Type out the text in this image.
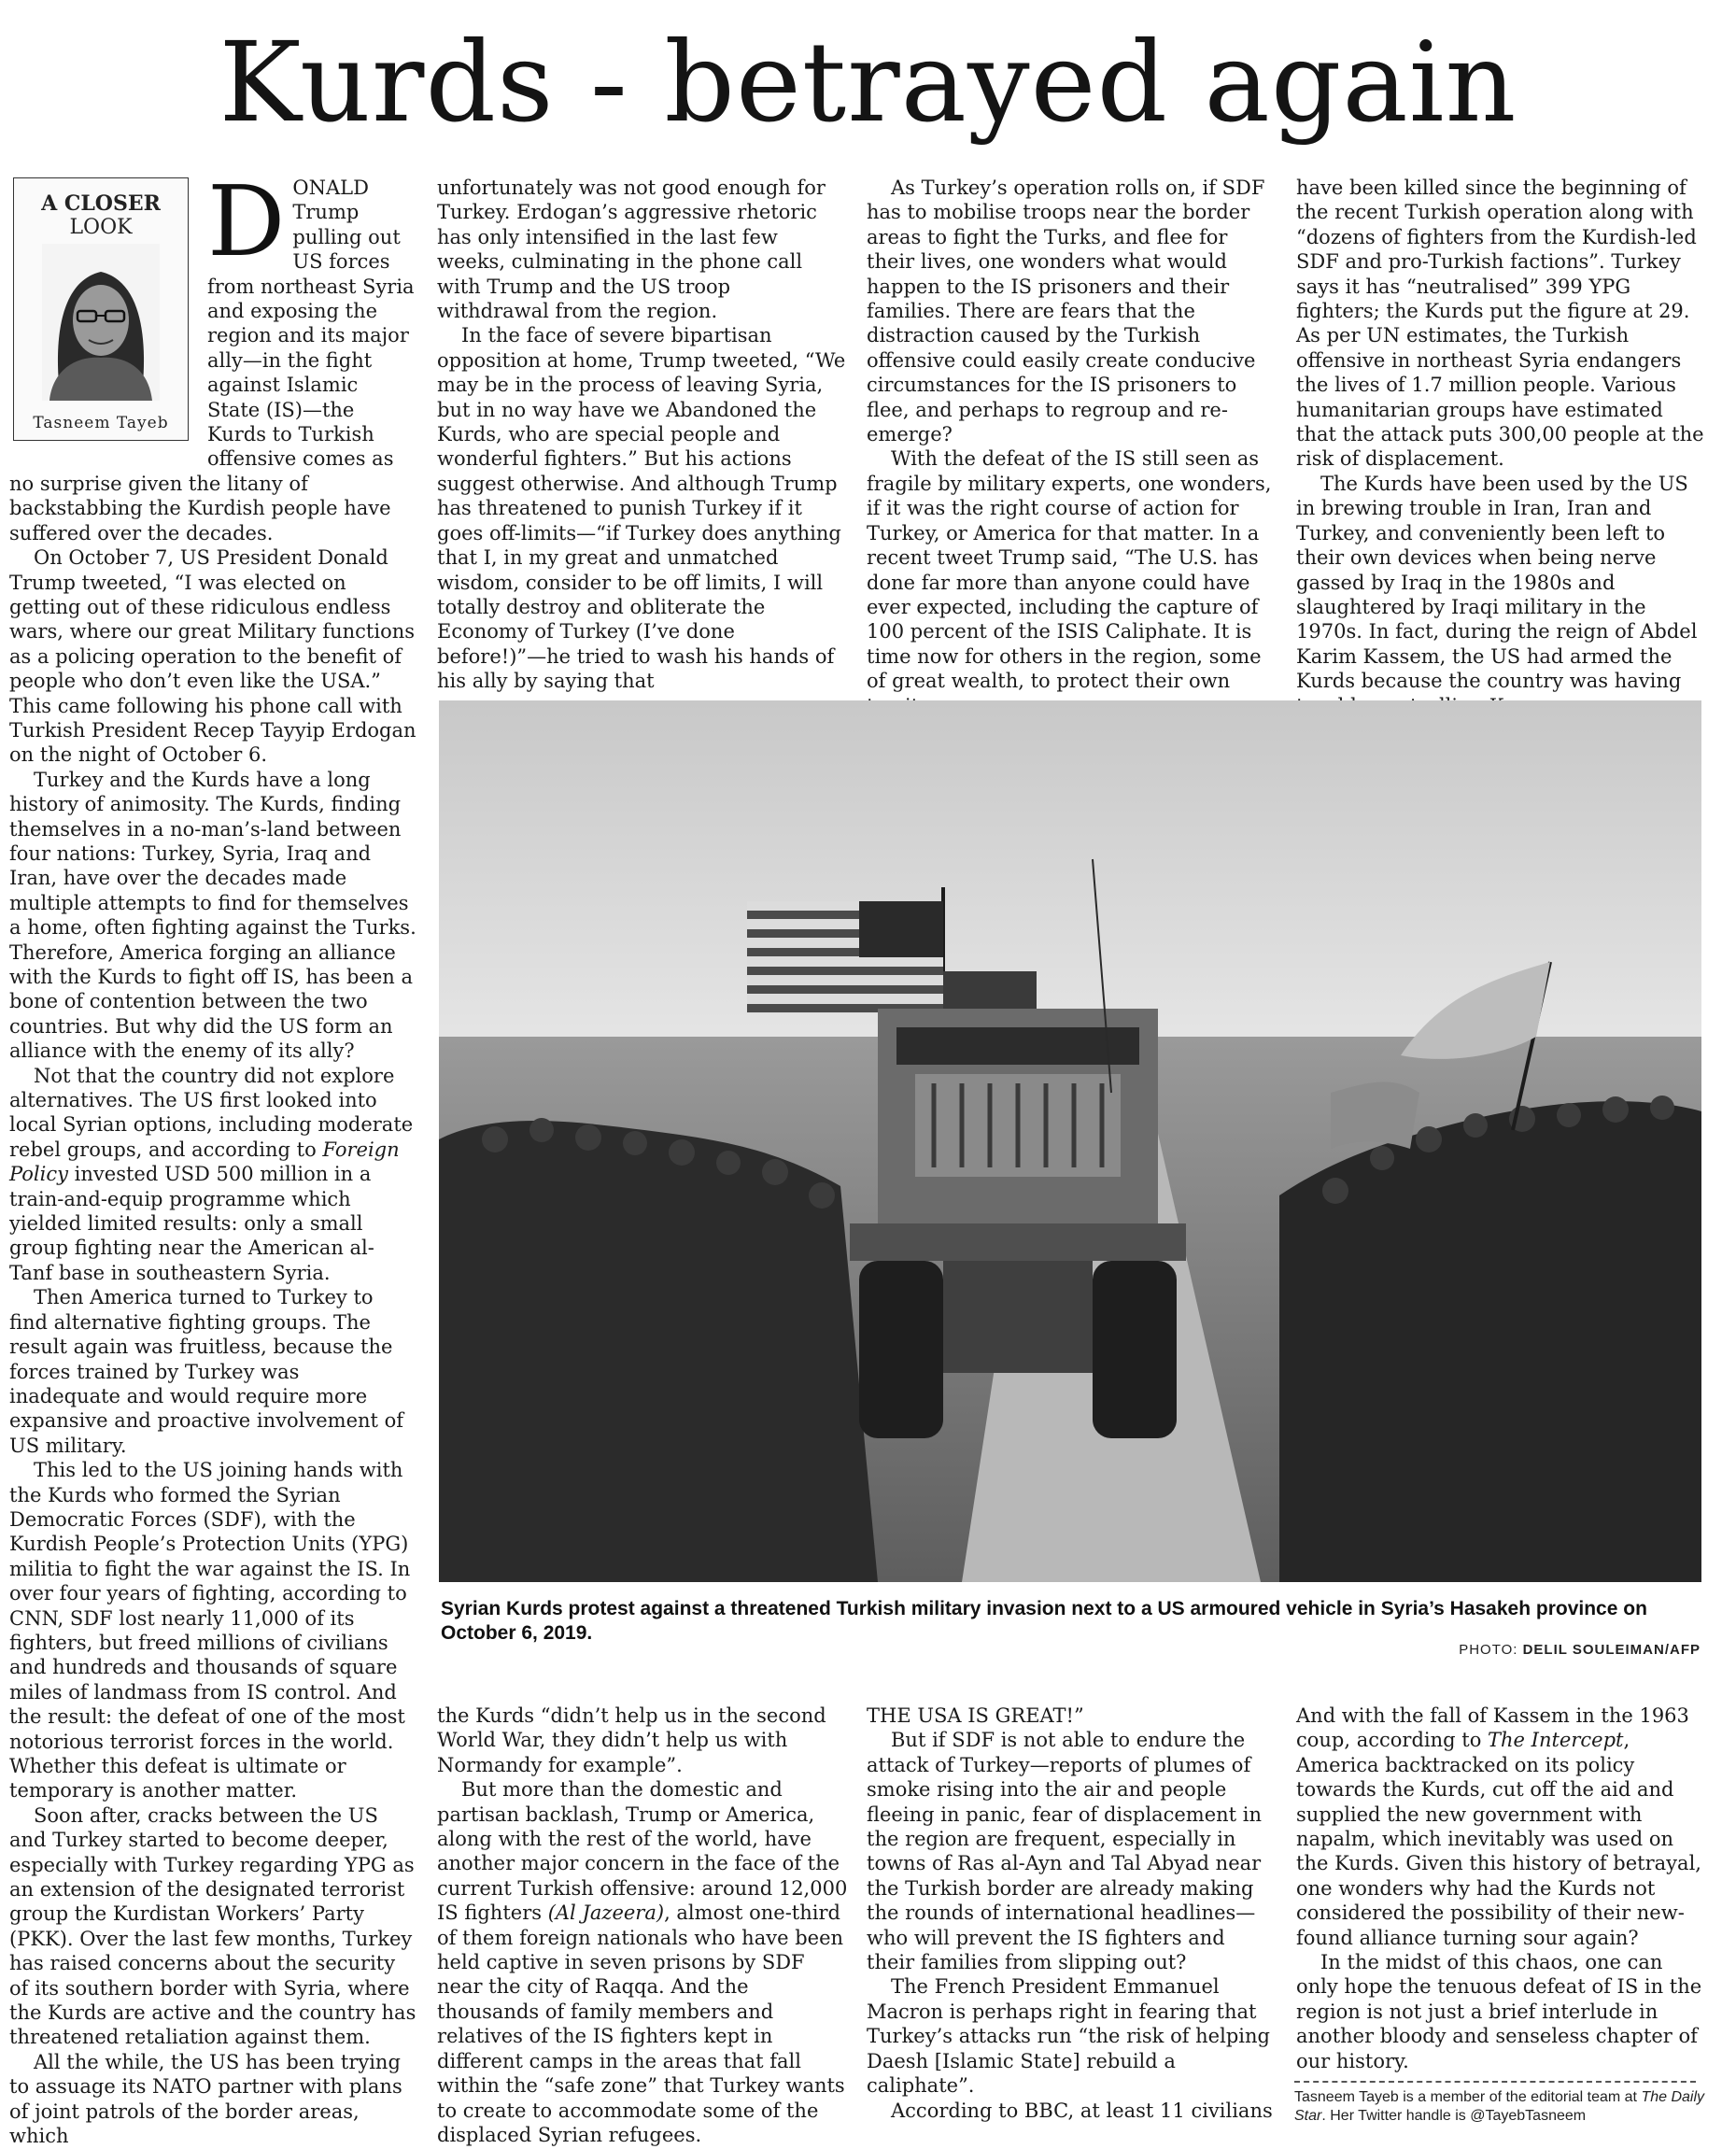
Kurds - betrayed again
A CLOSER
LOOK
Tasneem Tayeb

DONALD Trump pulling out US forces from northeast Syria and exposing the region and its major ally—in the fight against Islamic State (IS)—the Kurds to Turkish offensive comes as no surprise given the litany of backstabbing the Kurdish people have suffered over the decades.

On October 7, US President Donald Trump tweeted, “I was elected on getting out of these ridiculous endless wars, where our great Military functions as a policing operation to the benefit of people who don’t even like the USA.” This came following his phone call with Turkish President Recep Tayyip Erdogan on the night of October 6.

Turkey and the Kurds have a long history of animosity. The Kurds, finding themselves in a no-man’s-land between four nations: Turkey, Syria, Iraq and Iran, have over the decades made multiple attempts to find for themselves a home, often fighting against the Turks. Therefore, America forging an alliance with the Kurds to fight off IS, has been a bone of contention between the two countries. But why did the US form an alliance with the enemy of its ally?

Not that the country did not explore alternatives. The US first looked into local Syrian options, including moderate rebel groups, and according to Foreign Policy invested USD 500 million in a train-and-equip programme which yielded limited results: only a small group fighting near the American al-Tanf base in southeastern Syria.

Then America turned to Turkey to find alternative fighting groups. The result again was fruitless, because the forces trained by Turkey was inadequate and would require more expansive and proactive involvement of US military.

This led to the US joining hands with the Kurds who formed the Syrian Democratic Forces (SDF), with the Kurdish People’s Protection Units (YPG) militia to fight the war against the IS. In over four years of fighting, according to CNN, SDF lost nearly 11,000 of its fighters, but freed millions of civilians and hundreds and thousands of square miles of landmass from IS control. And the result: the defeat of one of the most notorious terrorist forces in the world. Whether this defeat is ultimate or temporary is another matter.

Soon after, cracks between the US and Turkey started to become deeper, especially with Turkey regarding YPG as an extension of the designated terrorist group the Kurdistan Workers’ Party (PKK). Over the last few months, Turkey has raised concerns about the security of its southern border with Syria, where the Kurds are active and the country has threatened retaliation against them.

All the while, the US has been trying to assuage its NATO partner with plans of joint patrols of the border areas, which

unfortunately was not good enough for Turkey. Erdogan’s aggressive rhetoric has only intensified in the last few weeks, culminating in the phone call with Trump and the US troop withdrawal from the region.

In the face of severe bipartisan opposition at home, Trump tweeted, “We may be in the process of leaving Syria, but in no way have we Abandoned the Kurds, who are special people and wonderful fighters.” But his actions suggest otherwise. And although Trump has threatened to punish Turkey if it goes off-limits—“if Turkey does anything that I, in my great and unmatched wisdom, consider to be off limits, I will totally destroy and obliterate the Economy of Turkey (I’ve done before!)”—he tried to wash his hands of his ally by saying that

As Turkey’s operation rolls on, if SDF has to mobilise troops near the border areas to fight the Turks, and flee for their lives, one wonders what would happen to the IS prisoners and their families. There are fears that the distraction caused by the Turkish offensive could easily create conducive circumstances for the IS prisoners to flee, and perhaps to regroup and re-emerge?

With the defeat of the IS still seen as fragile by military experts, one wonders, if it was the right course of action for Turkey, or America for that matter. In a recent tweet Trump said, “The U.S. has done far more than anyone could have ever expected, including the capture of 100 percent of the ISIS Caliphate. It is time now for others in the region, some of great wealth, to protect their own

have been killed since the beginning of the recent Turkish operation along with “dozens of fighters from the Kurdish-led SDF and pro-Turkish factions”. Turkey says it has “neutralised” 399 YPG fighters; the Kurds put the figure at 29. As per UN estimates, the Turkish offensive in northeast Syria endangers the lives of 1.7 million people. Various humanitarian groups have estimated that the attack puts 300,00 people at the risk of displacement.

The Kurds have been used by the US in brewing trouble in Iran, Iran and Turkey, and conveniently been left to their own devices when being nerve gassed by Iraq in the 1980s and slaughtered by Iraqi military in the 1970s. In fact, during the reign of Abdel Karim Kassem, the US had armed the Kurds because the country was having

Syrian Kurds protest against a threatened Turkish military invasion next to a US armoured vehicle in Syria’s Hasakeh province on October 6, 2019.
PHOTO: DELIL SOULEIMAN/AFP

the Kurds “didn’t help us in the second World War, they didn’t help us with Normandy for example”.

But more than the domestic and partisan backlash, Trump or America, along with the rest of the world, have another major concern in the face of the current Turkish offensive: around 12,000 IS fighters (Al Jazeera), almost one-third of them foreign nationals who have been held captive in seven prisons by SDF near the city of Raqqa. And the thousands of family members and relatives of the IS fighters kept in different camps in the areas that fall within the “safe zone” that Turkey wants to create to accommodate some of the displaced Syrian refugees.

THE USA IS GREAT!”

But if SDF is not able to endure the attack of Turkey—reports of plumes of smoke rising into the air and people fleeing in panic, fear of displacement in the region are frequent, especially in towns of Ras al-Ayn and Tal Abyad near the Turkish border are already making the rounds of international headlines—who will prevent the IS fighters and their families from slipping out?

The French President Emmanuel Macron is perhaps right in fearing that Turkey’s attacks run “the risk of helping Daesh [Islamic State] rebuild a caliphate”.

According to BBC, at least 11 civilians

And with the fall of Kassem in the 1963 coup, according to The Intercept, America backtracked on its policy towards the Kurds, cut off the aid and supplied the new government with napalm, which inevitably was used on the Kurds. Given this history of betrayal, one wonders why had the Kurds not considered the possibility of their new-found alliance turning sour again?

In the midst of this chaos, one can only hope the tenuous defeat of IS in the region is not just a brief interlude in another bloody and senseless chapter of our history.

Tasneem Tayeb is a member of the editorial team at The Daily Star. Her Twitter handle is @TayebTasneem
